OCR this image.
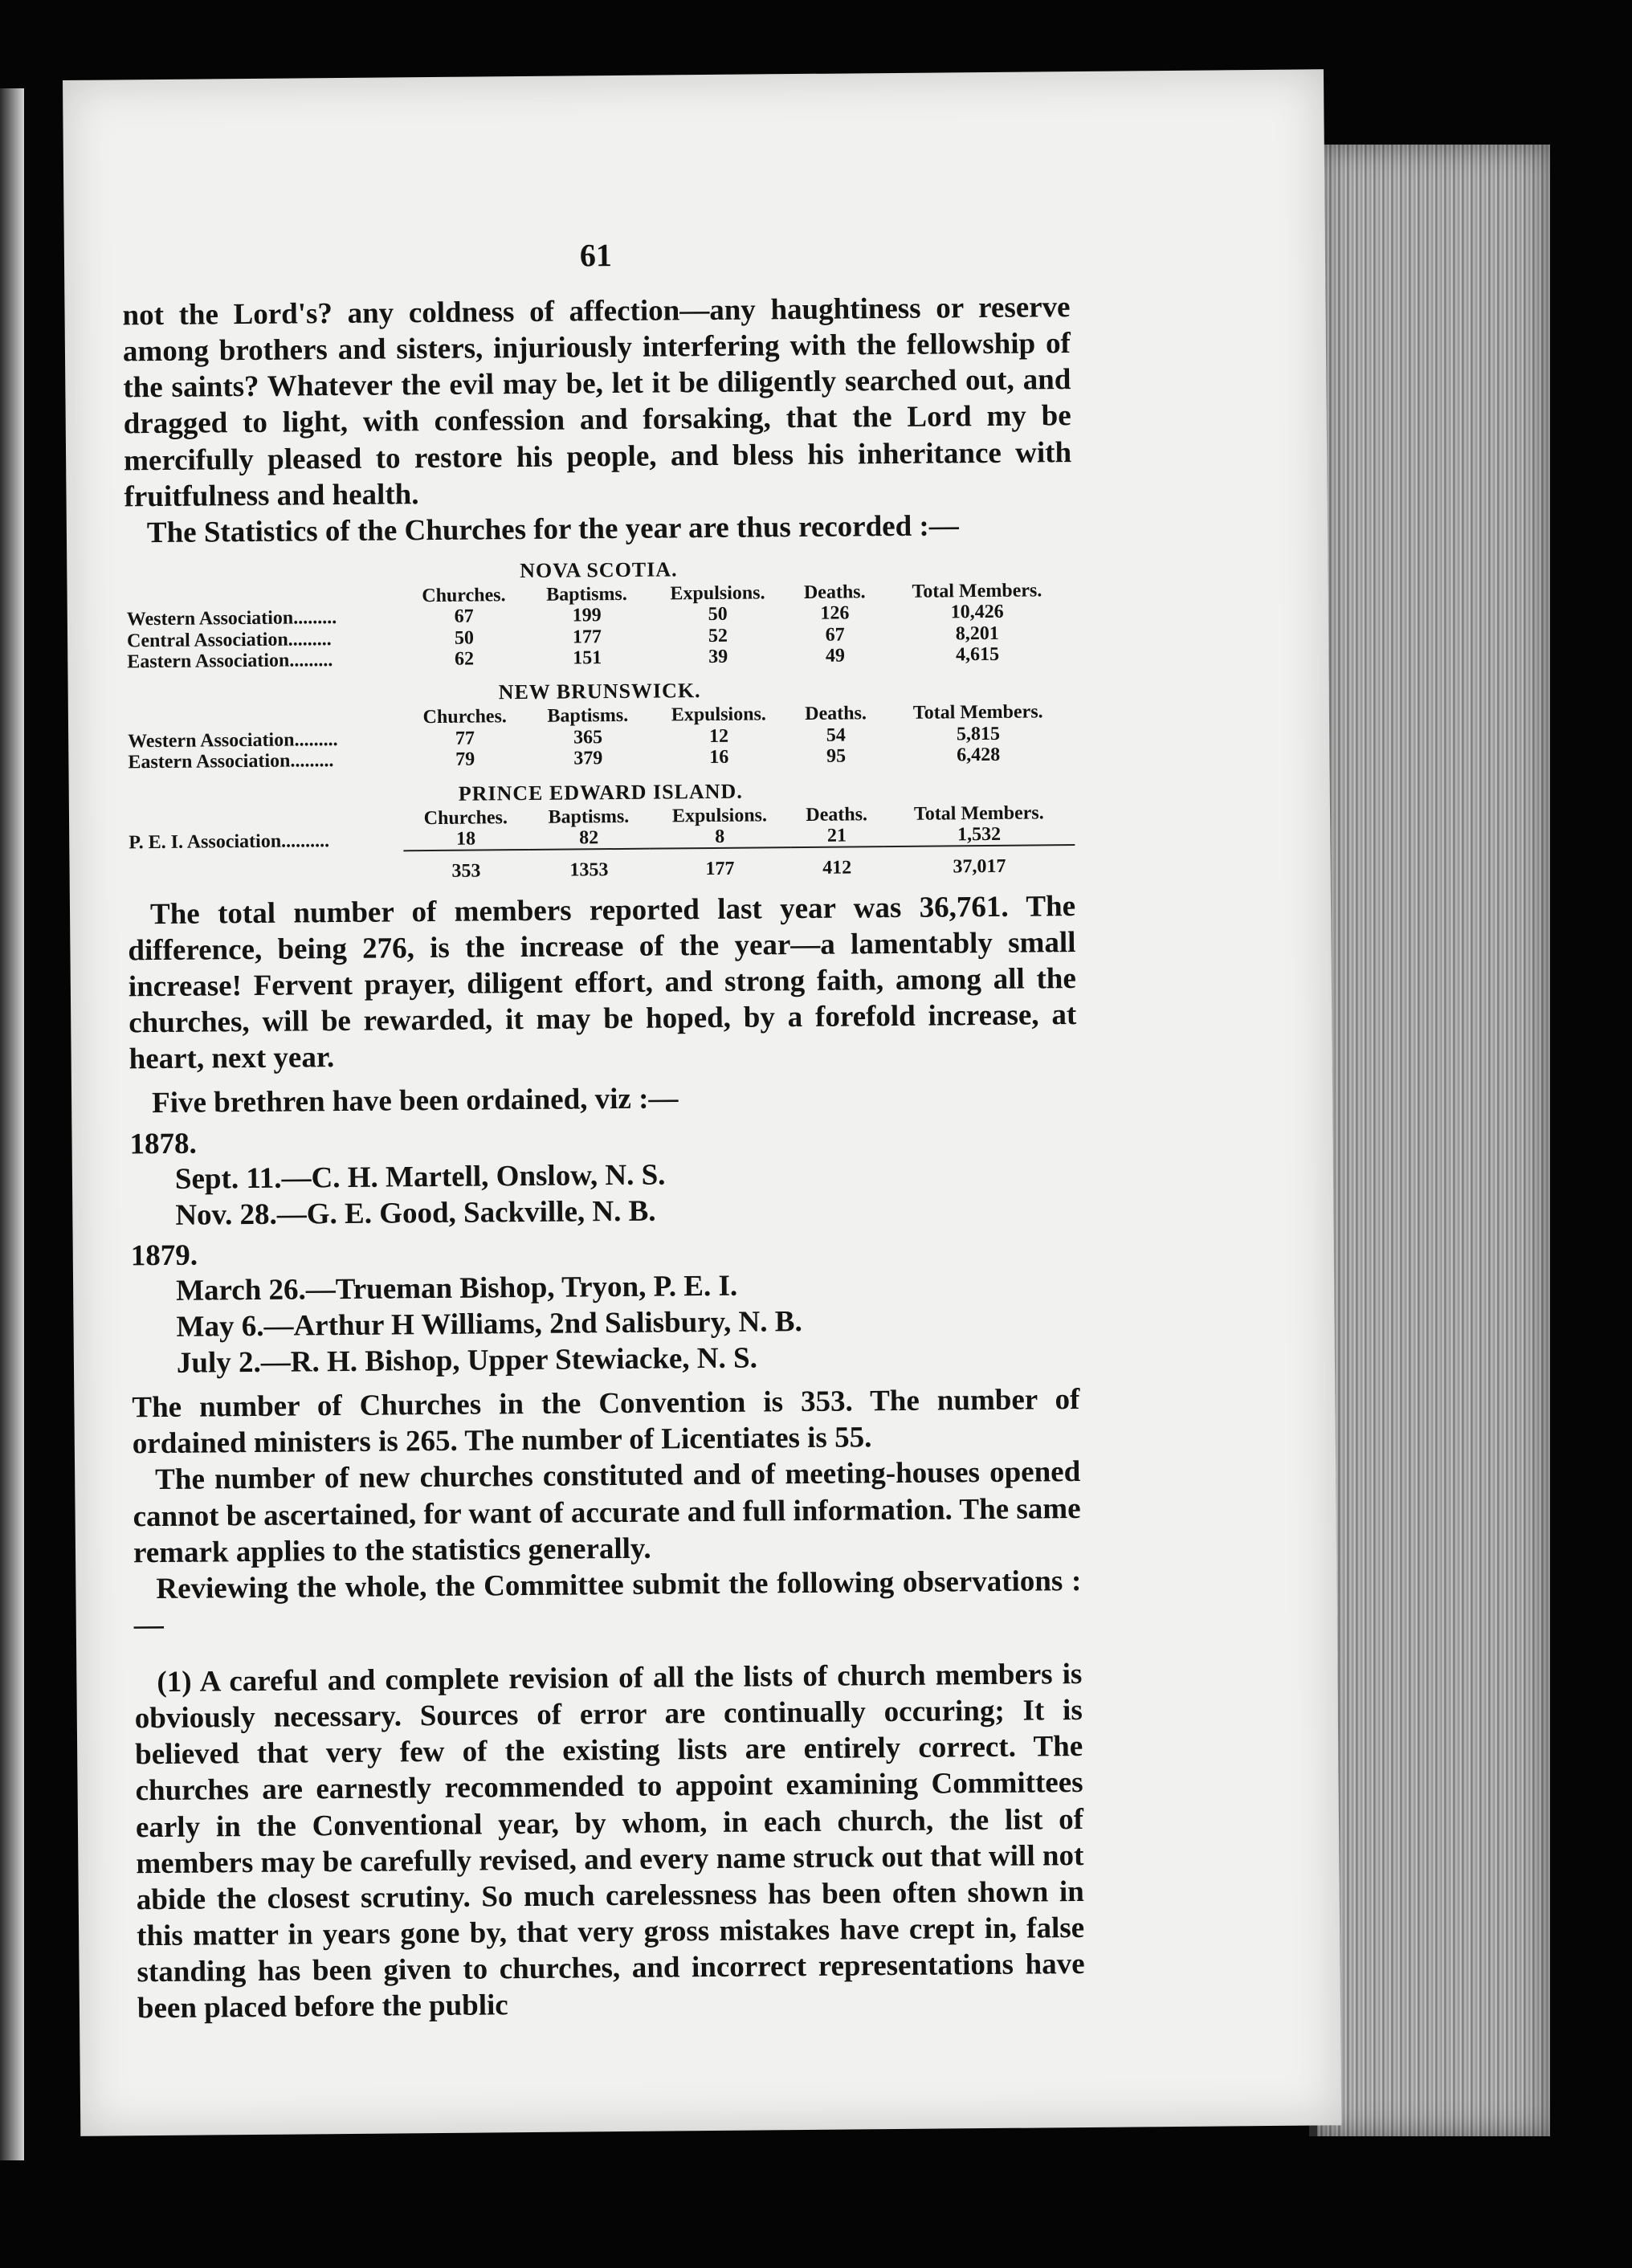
61

not the Lord's? any coldness of affection—any haughtiness or reserve among brothers and sisters, injuriously interfering with the fellowship of the saints? Whatever the evil may be, let it be diligently searched out, and dragged to light, with confession and forsaking, that the Lord my be mercifully pleased to restore his people, and bless his inheritance with fruitfulness and health.

The Statistics of the Churches for the year are thus recorded :—

NOVA SCOTIA.
	Churches.	Baptisms.	Expulsions.	Deaths.	Total Members.
Western Association.........	67	199	50	126	10,426
Central Association.........	50	177	52	67	8,201
Eastern Association.........	62	151	39	49	4,615
NEW BRUNSWICK.
	Churches.	Baptisms.	Expulsions.	Deaths.	Total Members.
Western Association.........	77	365	12	54	5,815
Eastern Association.........	79	379	16	95	6,428
PRINCE EDWARD ISLAND.
	Churches.	Baptisms.	Expulsions.	Deaths.	Total Members.
P. E. I. Association..........	18	82	8	21	1,532
	353	1353	177	412	37,017

The total number of members reported last year was 36,761. The difference, being 276, is the increase of the year—a lamentably small increase! Fervent prayer, diligent effort, and strong faith, among all the churches, will be rewarded, it may be hoped, by a forefold increase, at heart, next year.

Five brethren have been ordained, viz :—

1878.
Sept. 11.—C. H. Martell, Onslow, N. S.
Nov. 28.—G. E. Good, Sackville, N. B.
1879.
March 26.—Trueman Bishop, Tryon, P. E. I.
May 6.—Arthur H Williams, 2nd Salisbury, N. B.
July 2.—R. H. Bishop, Upper Stewiacke, N. S.

The number of Churches in the Convention is 353. The number of ordained ministers is 265. The number of Licentiates is 55.

The number of new churches constituted and of meeting-houses opened cannot be ascertained, for want of accurate and full information. The same remark applies to the statistics generally.

Reviewing the whole, the Committee submit the following observations :—

(1) A careful and complete revision of all the lists of church members is obviously necessary. Sources of error are continually occuring; It is believed that very few of the existing lists are entirely correct. The churches are earnestly recommended to appoint examining Committees early in the Conventional year, by whom, in each church, the list of members may be carefully revised, and every name struck out that will not abide the closest scrutiny. So much carelessness has been often shown in this matter in years gone by, that very gross mistakes have crept in, false standing has been given to churches, and incorrect representations have been placed before the public
